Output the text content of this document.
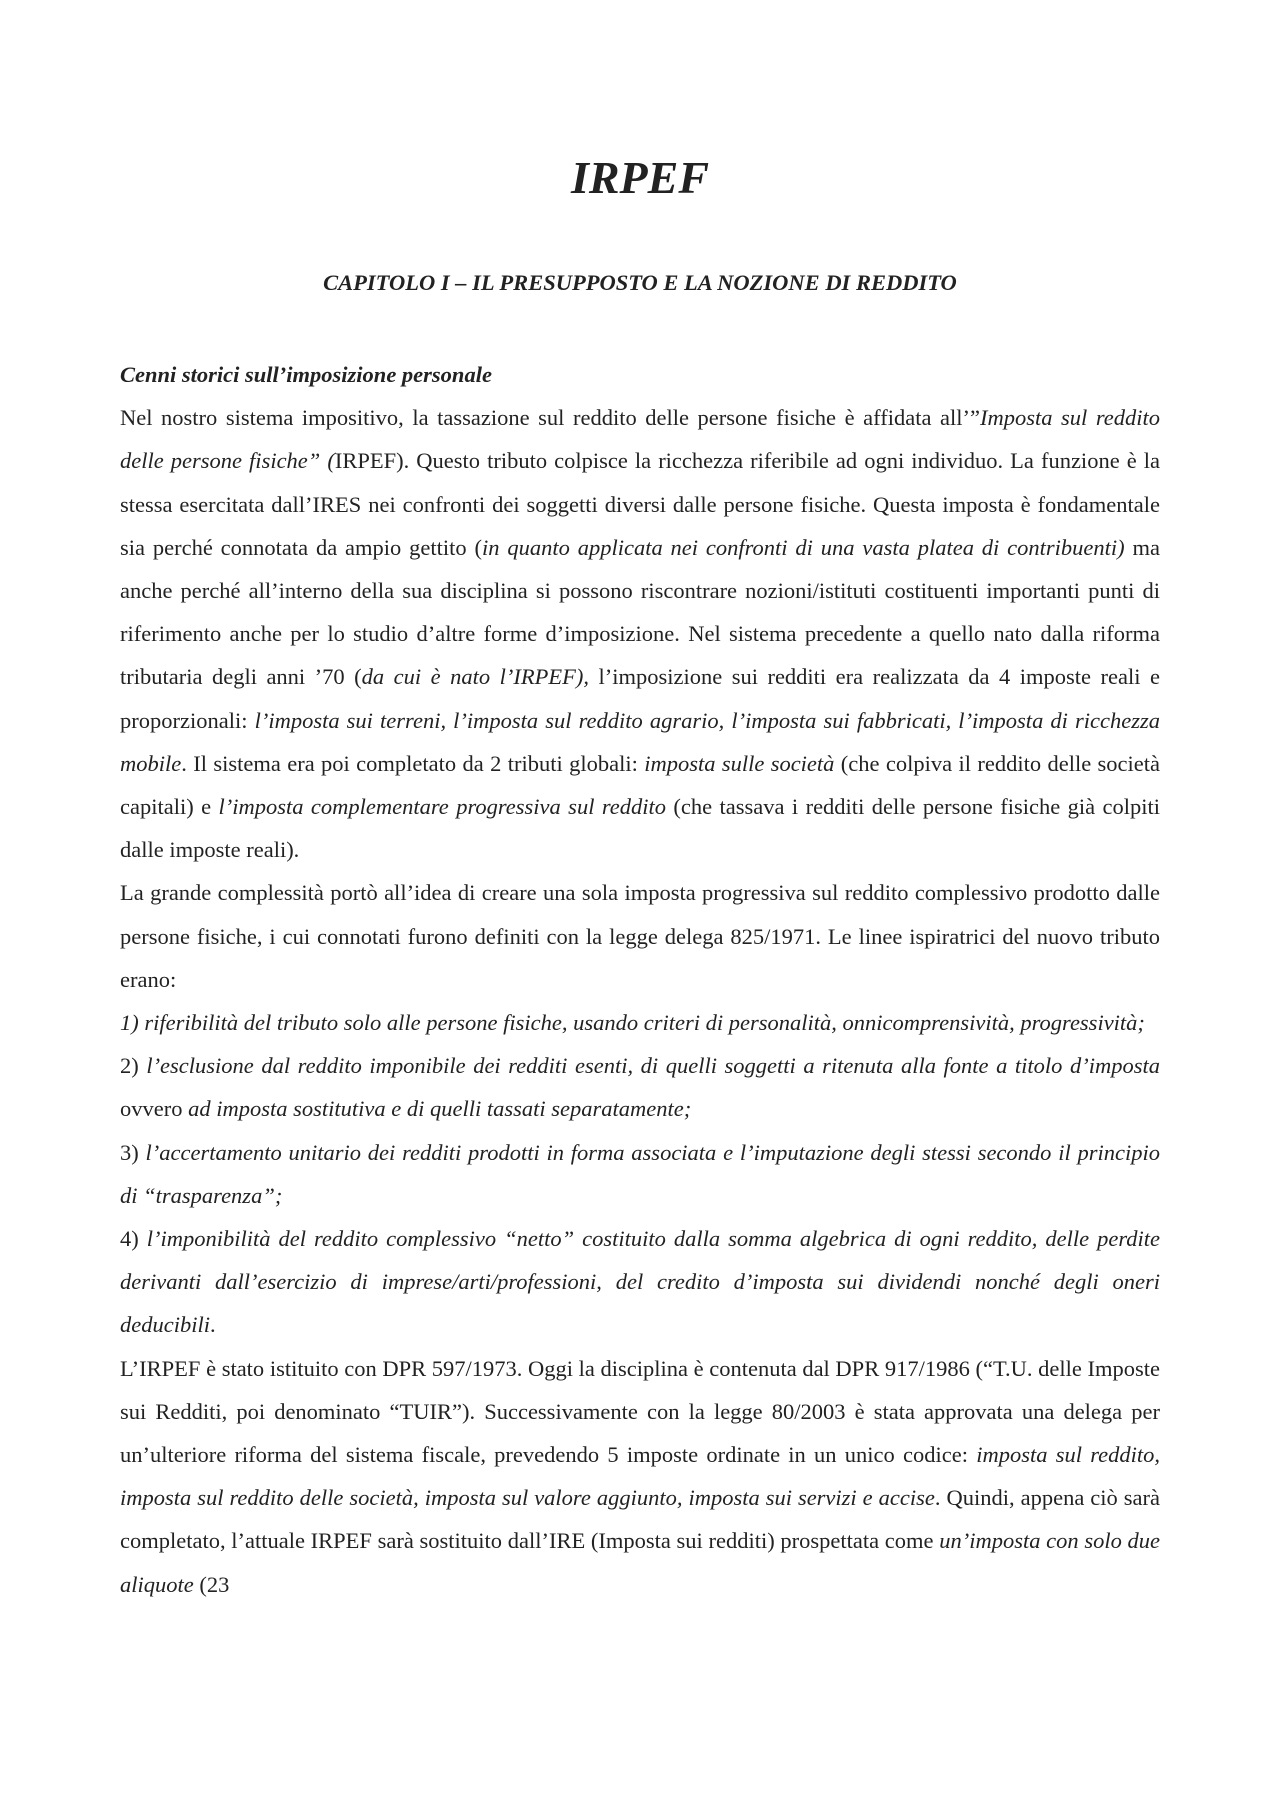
IRPEF
CAPITOLO I – IL PRESUPPOSTO E LA NOZIONE DI REDDITO

Cenni storici sull’imposizione personale

Nel nostro sistema impositivo, la tassazione sul reddito delle persone fisiche è affidata all’”Imposta sul reddito delle persone fisiche” (IRPEF). Questo tributo colpisce la ricchezza riferibile ad ogni individuo. La funzione è la stessa esercitata dall’IRES nei confronti dei soggetti diversi dalle persone fisiche. Questa imposta è fondamentale sia perché connotata da ampio gettito (in quanto applicata nei confronti di una vasta platea di contribuenti) ma anche perché all’interno della sua disciplina si possono riscontrare nozioni/istituti costituenti importanti punti di riferimento anche per lo studio d’altre forme d’imposizione. Nel sistema precedente a quello nato dalla riforma tributaria degli anni ’70 (da cui è nato l’IRPEF), l’imposizione sui redditi era realizzata da 4 imposte reali e proporzionali: l’imposta sui terreni, l’imposta sul reddito agrario, l’imposta sui fabbricati, l’imposta di ricchezza mobile. Il sistema era poi completato da 2 tributi globali: imposta sulle società (che colpiva il reddito delle società capitali) e l’imposta complementare progressiva sul reddito (che tassava i redditi delle persone fisiche già colpiti dalle imposte reali).

La grande complessità portò all’idea di creare una sola imposta progressiva sul reddito complessivo prodotto dalle persone fisiche, i cui connotati furono definiti con la legge delega 825/1971. Le linee ispiratrici del nuovo tributo erano:

1) riferibilità del tributo solo alle persone fisiche, usando criteri di personalità, onnicomprensività, progressività;

2) l’esclusione dal reddito imponibile dei redditi esenti, di quelli soggetti a ritenuta alla fonte a titolo d’imposta ovvero ad imposta sostitutiva e di quelli tassati separatamente;

3) l’accertamento unitario dei redditi prodotti in forma associata e l’imputazione degli stessi secondo il principio di “trasparenza”;

4) l’imponibilità del reddito complessivo “netto” costituito dalla somma algebrica di ogni reddito, delle perdite derivanti dall’esercizio di imprese/arti/professioni, del credito d’imposta sui dividendi nonché degli oneri deducibili.

L’IRPEF è stato istituito con DPR 597/1973. Oggi la disciplina è contenuta dal DPR 917/1986 (“T.U. delle Imposte sui Redditi, poi denominato “TUIR”). Successivamente con la legge 80/2003 è stata approvata una delega per un’ulteriore riforma del sistema fiscale, prevedendo 5 imposte ordinate in un unico codice: imposta sul reddito, imposta sul reddito delle società, imposta sul valore aggiunto, imposta sui servizi e accise. Quindi, appena ciò sarà completato, l’attuale IRPEF sarà sostituito dall’IRE (Imposta sui redditi) prospettata come un’imposta con solo due aliquote (23
